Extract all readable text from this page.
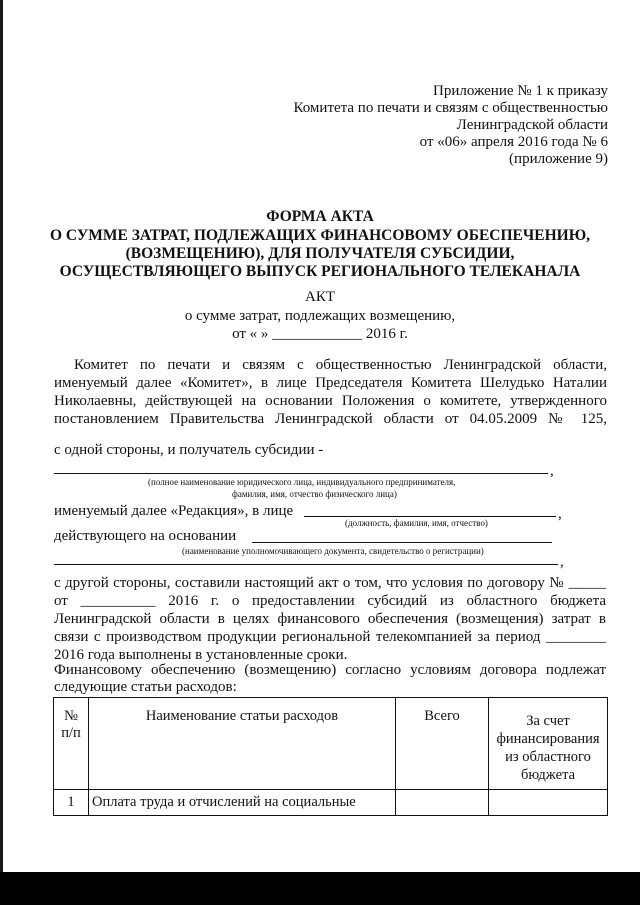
Приложение № 1 к приказу
Комитета по печати и связям с общественностью
Ленинградской области
от «06» апреля 2016 года № 6
(приложение 9)
ФОРМА АКТА
О СУММЕ ЗАТРАТ, ПОДЛЕЖАЩИХ ФИНАНСОВОМУ ОБЕСПЕЧЕНИЮ,
(ВОЗМЕЩЕНИЮ), ДЛЯ ПОЛУЧАТЕЛЯ СУБСИДИИ,
ОСУЩЕСТВЛЯЮЩЕГО ВЫПУСК РЕГИОНАЛЬНОГО ТЕЛЕКАНАЛА
АКТ
о сумме затрат, подлежащих возмещению,
от « » ____________ 2016 г.
Комитет по печати и связям с общественностью Ленинградской области,
именуемый далее «Комитет», в лице Председателя Комитета Шелудько Наталии
Николаевны, действующей на основании Положения о комитете, утвержденного
постановлением Правительства Ленинградской области от 04.05.2009 № 125,
с одной стороны, и получатель субсидии -
,
(полное наименование юридического лица, индивидуального предпринимателя,
фамилия, имя, отчество физического лица)
именуемый далее «Редакция», в лице	,
(должность, фамилия, имя, отчество)
действующего на основании
(наименование уполномочивающего документа, свидетельство о регистрации)
,
с другой стороны, составили настоящий акт о том, что условия по договору № _____
от __________ 2016 г. о предоставлении субсидий из областного бюджета
Ленинградской области в целях финансового обеспечения (возмещения) затрат в
связи с производством продукции региональной телекомпанией за период ________
2016 года выполнены в установленные сроки.
Финансовому обеспечению (возмещению) согласно условиям договора подлежат
следующие статьи расходов:
№ п/п	Наименование статьи расходов	Всего	За счет финансирования из областного бюджета
1	Оплата труда и отчислений на социальные		
